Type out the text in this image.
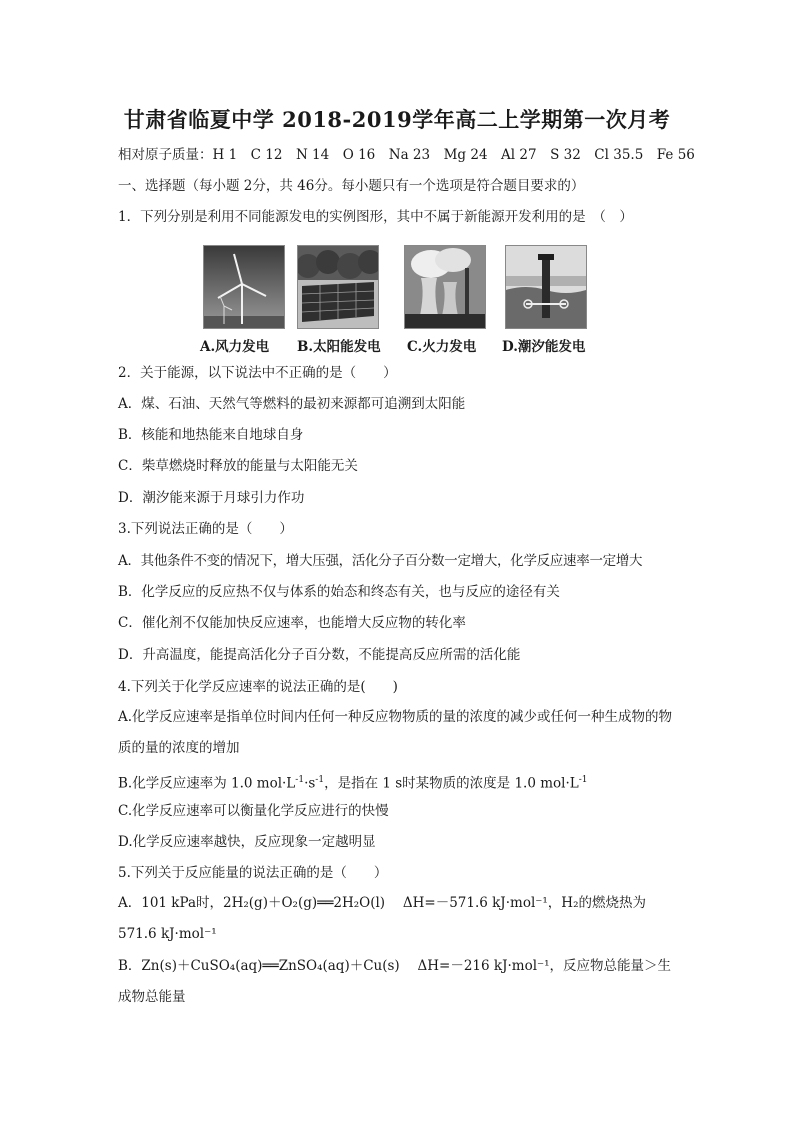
甘肃省临夏中学 2018-2019学年高二上学期第一次月考
相对原子质量：H 1　C 12　N 14　O 16　Na 23　Mg 24　Al 27　S 32　Cl 35.5　Fe 56
一、选择题（每小题 2分，共 46分。每小题只有一个选项是符合题目要求的）
1．下列分别是利用不同能源发电的实例图形，其中不属于新能源开发利用的是　（　）
A.风力发电 B.太阳能发电 C.火力发电 D.潮汐能发电
2．关于能源，以下说法中不正确的是（　　）
A．煤、石油、天然气等燃料的最初来源都可追溯到太阳能
B．核能和地热能来自地球自身
C．柴草燃烧时释放的能量与太阳能无关
D．潮汐能来源于月球引力作功
3.下列说法正确的是（　　）
A．其他条件不变的情况下，增大压强，活化分子百分数一定增大，化学反应速率一定增大
B．化学反应的反应热不仅与体系的始态和终态有关，也与反应的途径有关
C．催化剂不仅能加快反应速率，也能增大反应物的转化率
D．升高温度，能提高活化分子百分数，不能提高反应所需的活化能
4.下列关于化学反应速率的说法正确的是(　　)
A.化学反应速率是指单位时间内任何一种反应物物质的量的浓度的减少或任何一种生成物的物质的量的浓度的增加
B.化学反应速率为 1.0 $mol\cdot L^{-1}\cdot s^{-1}$，是指在 1 s时某物质的浓度是 1.0 $mol\cdot L^{-1}$
C.化学反应速率可以衡量化学反应进行的快慢
D.化学反应速率越快，反应现象一定越明显
5.下列关于反应能量的说法正确的是（　　）
A．101 kPa时，2H₂(g)＋O₂(g)══2H₂O(l)　 ΔH=－571.6 kJ·mol⁻¹，H₂的燃烧热为 571.6 kJ·mol⁻¹
B．Zn(s)＋CuSO₄(aq)══ZnSO₄(aq)＋Cu(s)　 ΔH=－216 kJ·mol⁻¹，反应物总能量＞生成物总能量
